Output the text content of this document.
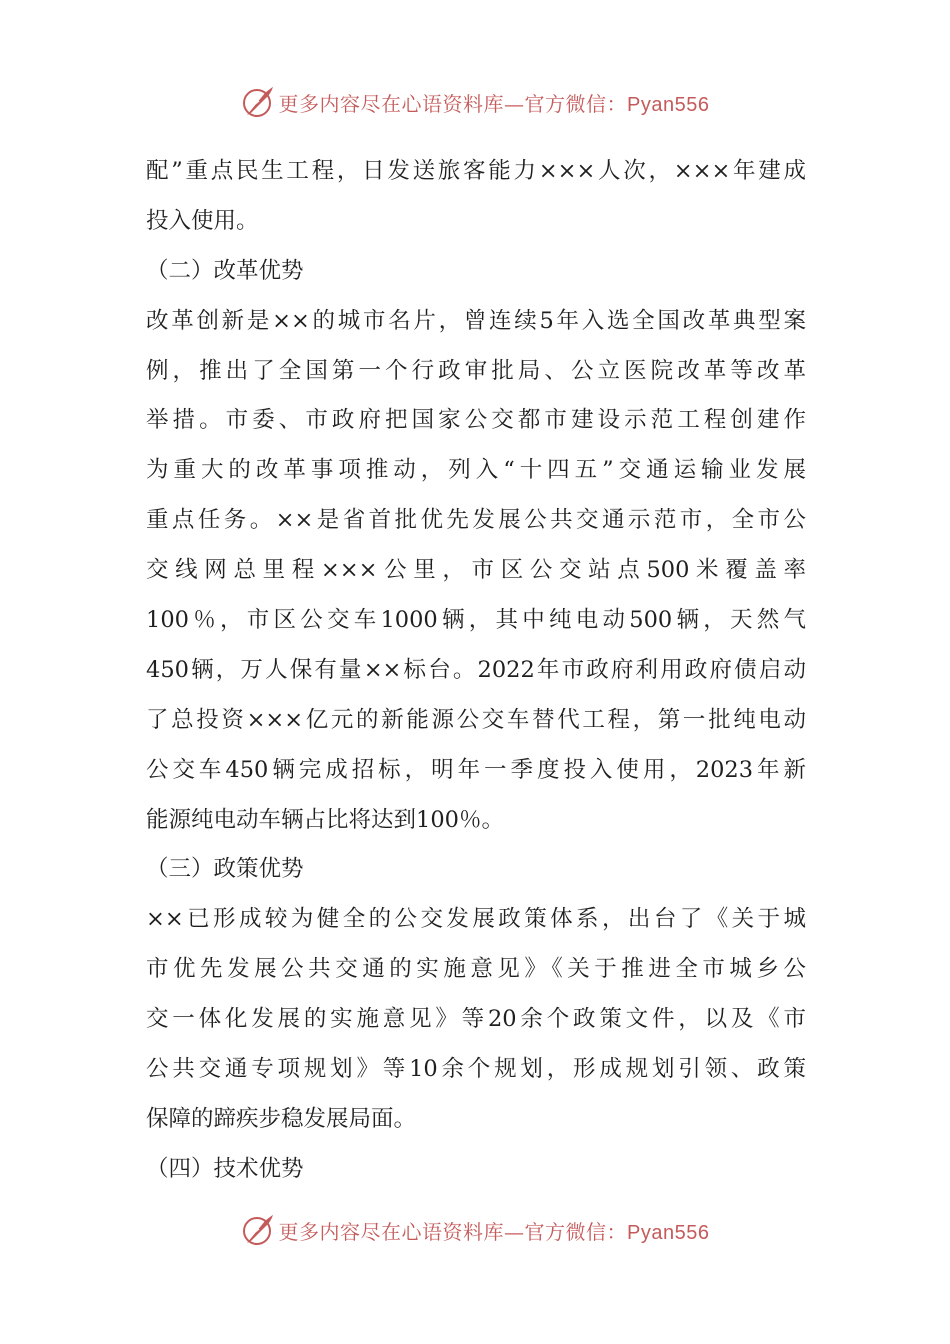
更多内容尽在心语资料库—官方微信：Pyan556
配”重点民生工程，日发送旅客能力×××人次，×××年建成
投入使用。
（二）改革优势
改革创新是××的城市名片，曾连续5年入选全国改革典型案
例，推出了全国第一个行政审批局、公立医院改革等改革
举措。市委、市政府把国家公交都市建设示范工程创建作
为重大的改革事项推动，列入“十四五”交通运输业发展
重点任务。××是省首批优先发展公共交通示范市，全市公
交线网总里程×××公里，市区公交站点500米覆盖率
100％，市区公交车1000辆，其中纯电动500辆，天然气
450辆，万人保有量××标台。2022年市政府利用政府债启动
了总投资×××亿元的新能源公交车替代工程，第一批纯电动
公交车450辆完成招标，明年一季度投入使用，2023年新
能源纯电动车辆占比将达到100％。
（三）政策优势
××已形成较为健全的公交发展政策体系，出台了《关于城
市优先发展公共交通的实施意见》《关于推进全市城乡公
交一体化发展的实施意见》等20余个政策文件，以及《市
公共交通专项规划》等10余个规划，形成规划引领、政策
保障的蹄疾步稳发展局面。
（四）技术优势
更多内容尽在心语资料库—官方微信：Pyan556
